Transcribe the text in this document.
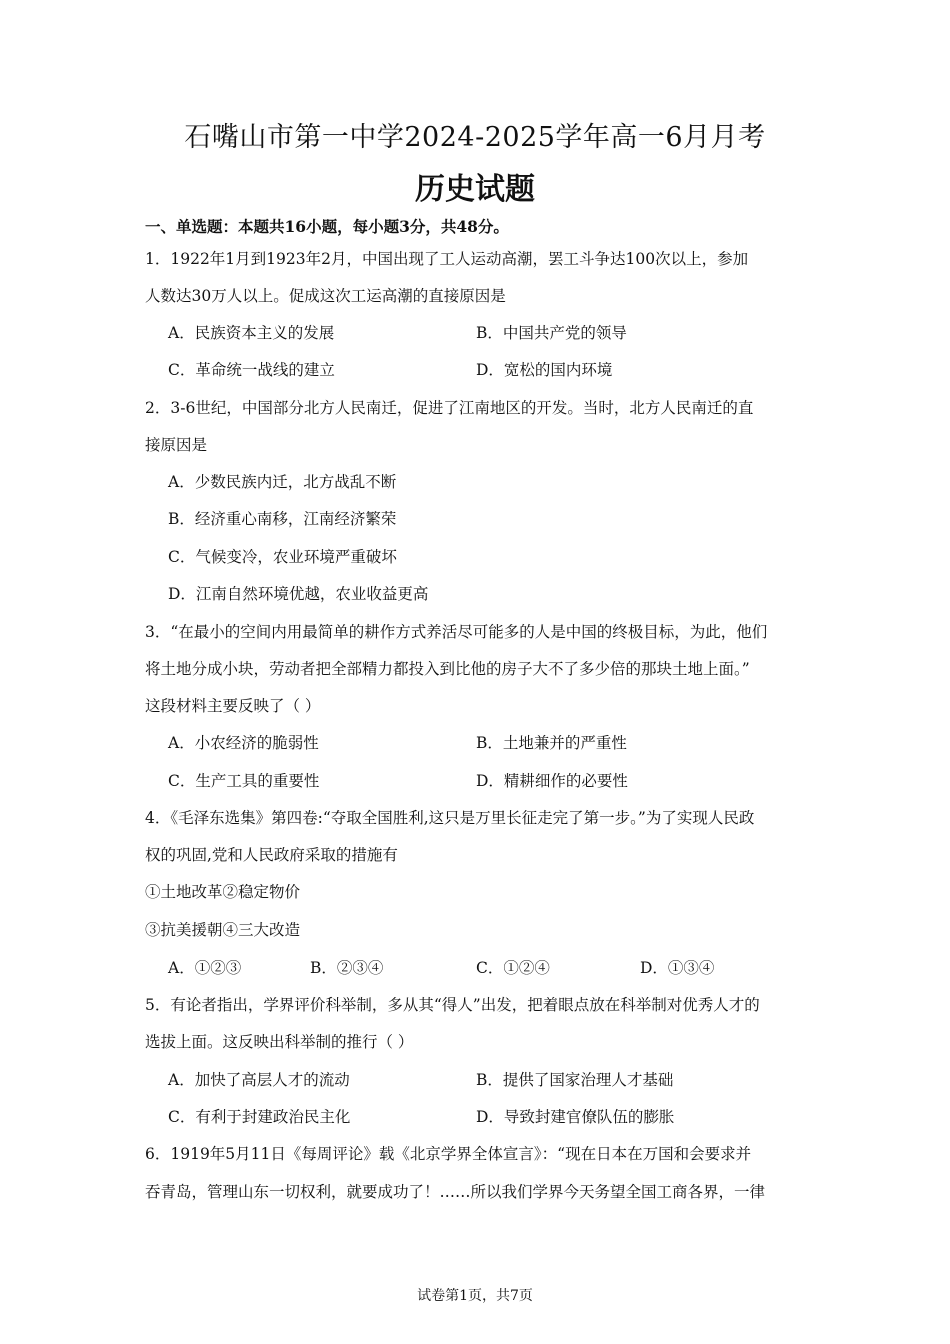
石嘴山市第一中学2024-2025学年高一6月月考
历史试题
一、单选题：本题共16小题，每小题3分，共48分。
1．1922年1月到1923年2月，中国出现了工人运动高潮，罢工斗争达100次以上，参加
人数达30万人以上。促成这次工运高潮的直接原因是
A．民族资本主义的发展	B．中国共产党的领导
C．革命统一战线的建立	D．宽松的国内环境
2．3-6世纪，中国部分北方人民南迁，促进了江南地区的开发。当时，北方人民南迁的直
接原因是
A．少数民族内迁，北方战乱不断
B．经济重心南移，江南经济繁荣
C．气候变冷，农业环境严重破坏
D．江南自然环境优越，农业收益更高
3．“在最小的空间内用最简单的耕作方式养活尽可能多的人是中国的终极目标，为此，他们
将土地分成小块，劳动者把全部精力都投入到比他的房子大不了多少倍的那块土地上面。”
这段材料主要反映了（ ）
A．小农经济的脆弱性	B．土地兼并的严重性
C．生产工具的重要性	D．精耕细作的必要性
4．《毛泽东选集》第四卷:“夺取全国胜利,这只是万里长征走完了第一步。”为了实现人民政
权的巩固,党和人民政府采取的措施有
①土地改革②稳定物价
③抗美援朝④三大改造
A．①②③	B．②③④	C．①②④	D．①③④
5．有论者指出，学界评价科举制，多从其“得人”出发，把着眼点放在科举制对优秀人才的
选拔上面。这反映出科举制的推行（ ）
A．加快了高层人才的流动	B．提供了国家治理人才基础
C．有利于封建政治民主化	D．导致封建官僚队伍的膨胀
6．1919年5月11日《每周评论》载《北京学界全体宣言》：“现在日本在万国和会要求并
吞青岛，管理山东一切权利，就要成功了！……所以我们学界今天务望全国工商各界，一律
试卷第1页，共7页
